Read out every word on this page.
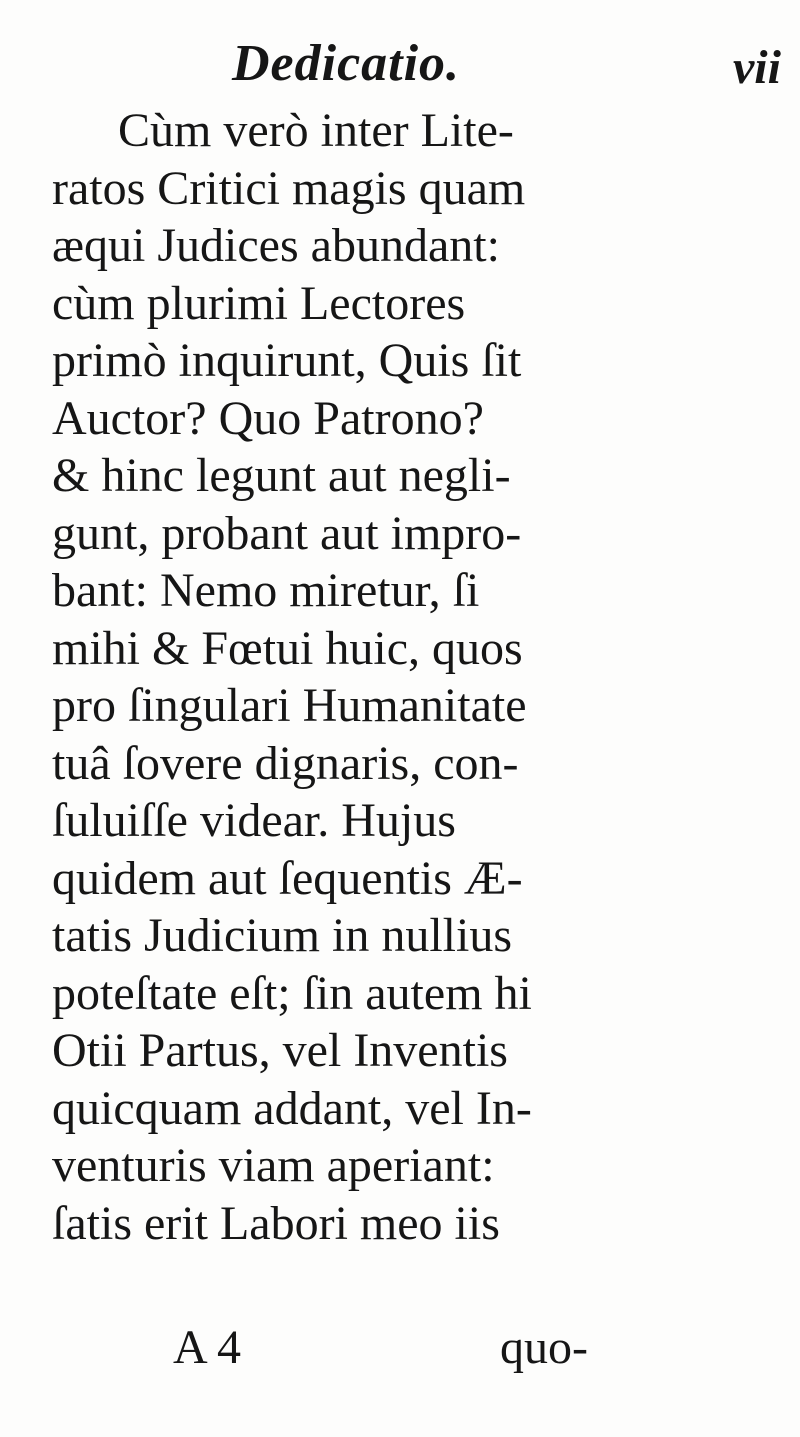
Dedicatio.	vii
Cùm verò inter Lite-
ratos Critici magis quam
æqui Judices abundant:
cùm plurimi Lectores
primò inquirunt, Quis ſit
Auctor? Quo Patrono?
& hinc legunt aut negli-
gunt, probant aut impro-
bant: Nemo miretur, ſi
mihi & Fœtui huic, quos
pro ſingulari Humanitate
tuâ ſovere dignaris, con-
ſuluiſſe videar. Hujus
quidem aut ſequentis Æ-
tatis Judicium in nullius
poteſtate eſt; ſin autem hi
Otii Partus, vel Inventis
quicquam addant, vel In-
venturis viam aperiant:
ſatis erit Labori meo iis
A 4	quo-
